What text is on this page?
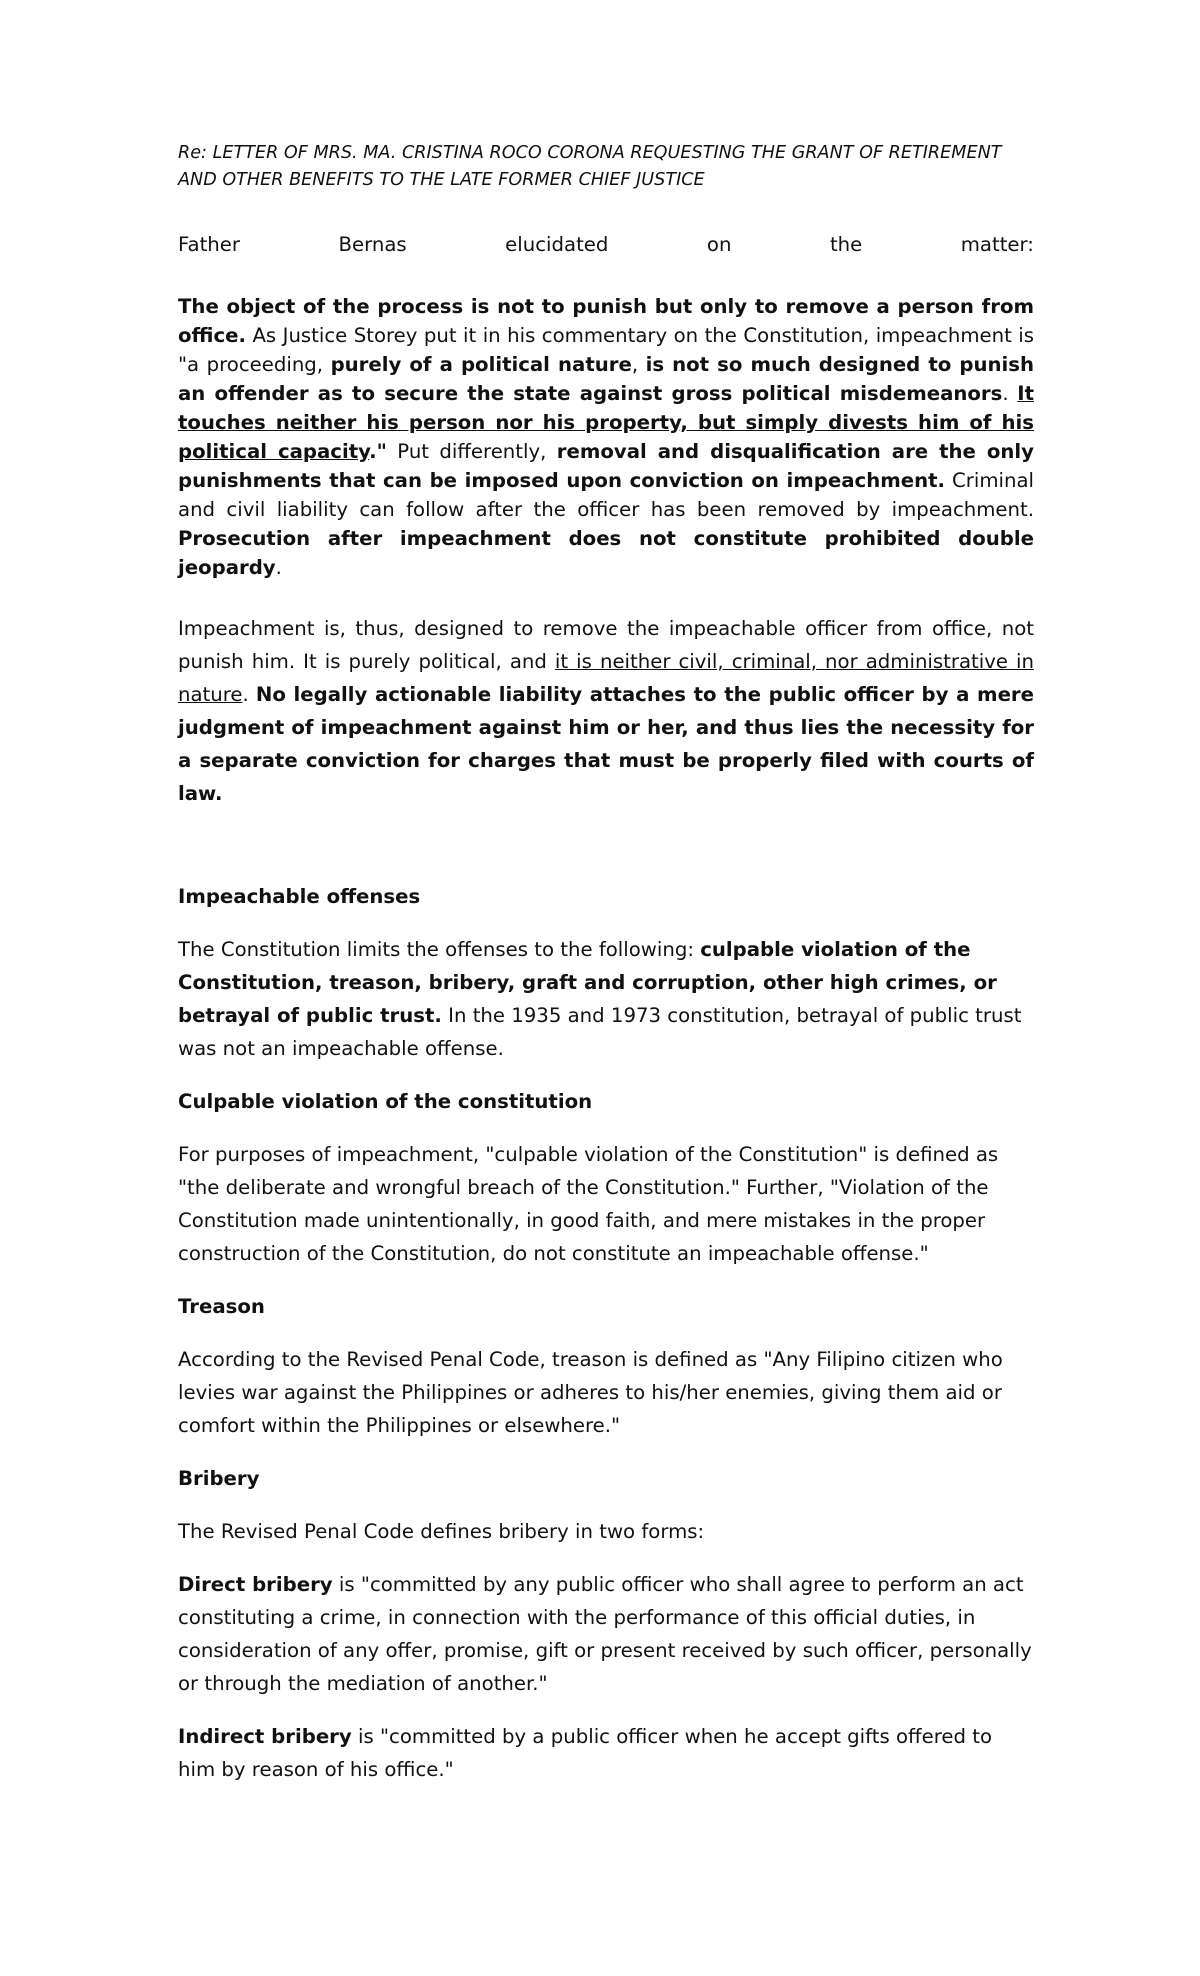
Re: LETTER OF MRS. MA. CRISTINA ROCO CORONA REQUESTING THE GRANT OF RETIREMENT
AND OTHER BENEFITS TO THE LATE FORMER CHIEF JUSTICE
Father	Bernas	elucidated	on	the	matter:

The object of the process is not to punish but only to remove a person from office. As Justice Storey put it in his commentary on the Constitution, impeachment is "a proceeding, purely of a political nature, is not so much designed to punish an offender as to secure the state against gross political misdemeanors. It touches neither his person nor his property, but simply divests him of his political capacity." Put differently, removal and disqualification are the only punishments that can be imposed upon conviction on impeachment. Criminal and civil liability can follow after the officer has been removed by impeachment. Prosecution after impeachment does not constitute prohibited double jeopardy.

Impeachment is, thus, designed to remove the impeachable officer from office, not punish him. It is purely political, and it is neither civil, criminal, nor administrative in nature. No legally actionable liability attaches to the public officer by a mere judgment of impeachment against him or her, and thus lies the necessity for a separate conviction for charges that must be properly filed with courts of law.

Impeachable offenses

The Constitution limits the offenses to the following: culpable violation of the Constitution, treason, bribery, graft and corruption, other high crimes, or betrayal of public trust. In the 1935 and 1973 constitution, betrayal of public trust was not an impeachable offense.

Culpable violation of the constitution

For purposes of impeachment, "culpable violation of the Constitution" is defined as "the deliberate and wrongful breach of the Constitution." Further, "Violation of the Constitution made unintentionally, in good faith, and mere mistakes in the proper construction of the Constitution, do not constitute an impeachable offense."

Treason

According to the Revised Penal Code, treason is defined as "Any Filipino citizen who levies war against the Philippines or adheres to his/her enemies, giving them aid or comfort within the Philippines or elsewhere."

Bribery

The Revised Penal Code defines bribery in two forms:

Direct bribery is "committed by any public officer who shall agree to perform an act constituting a crime, in connection with the performance of this official duties, in consideration of any offer, promise, gift or present received by such officer, personally or through the mediation of another."

Indirect bribery is "committed by a public officer when he accept gifts offered to him by reason of his office."
